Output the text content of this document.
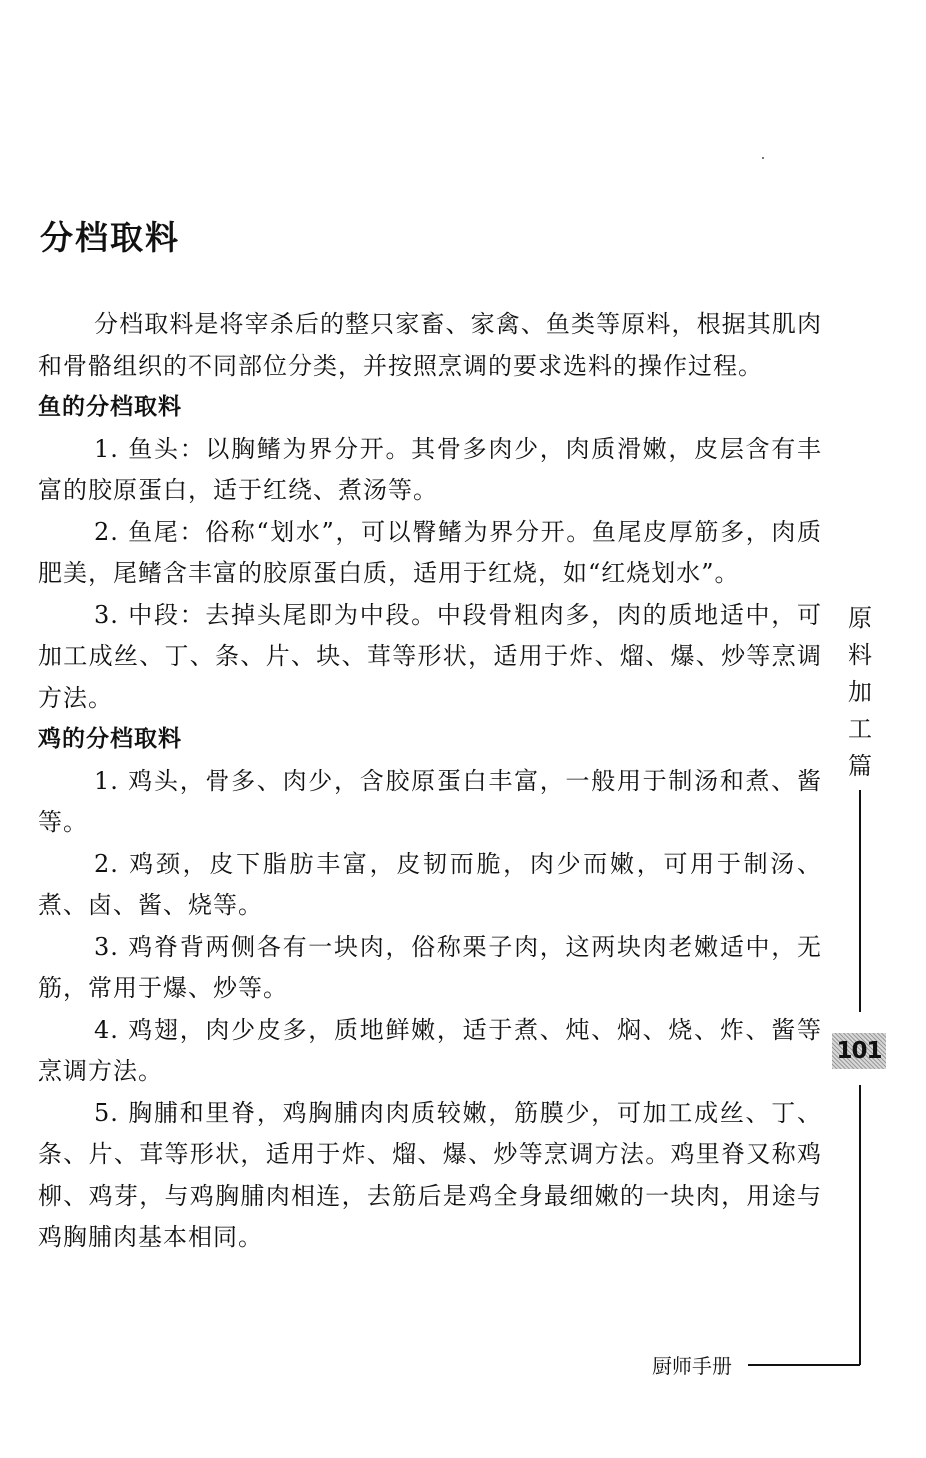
分档取料

分档取料是将宰杀后的整只家畜、家禽、鱼类等原料，根据其肌肉和骨骼组织的不同部位分类，并按照烹调的要求选料的操作过程。

鱼的分档取料

1. 鱼头：以胸鳍为界分开。其骨多肉少，肉质滑嫩，皮层含有丰富的胶原蛋白，适于红绕、煮汤等。

2. 鱼尾：俗称“划水”，可以臀鳍为界分开。鱼尾皮厚筋多，肉质肥美，尾鳍含丰富的胶原蛋白质，适用于红烧，如“红烧划水”。

3. 中段：去掉头尾即为中段。中段骨粗肉多，肉的质地适中，可加工成丝、丁、条、片、块、茸等形状，适用于炸、熘、爆、炒等烹调方法。

鸡的分档取料

1. 鸡头，骨多、肉少，含胶原蛋白丰富，一般用于制汤和煮、酱等。

2. 鸡颈，皮下脂肪丰富，皮韧而脆，肉少而嫩，可用于制汤、煮、卤、酱、烧等。

3. 鸡脊背两侧各有一块肉，俗称栗子肉，这两块肉老嫩适中，无筋，常用于爆、炒等。

4. 鸡翅，肉少皮多，质地鲜嫩，适于煮、炖、焖、烧、炸、酱等烹调方法。

5. 胸脯和里脊，鸡胸脯肉肉质较嫩，筋膜少，可加工成丝、丁、条、片、茸等形状，适用于炸、熘、爆、炒等烹调方法。鸡里脊又称鸡柳、鸡芽，与鸡胸脯肉相连，去筋后是鸡全身最细嫩的一块肉，用途与鸡胸脯肉基本相同。

原
料
加
工
篇
101
厨师手册
